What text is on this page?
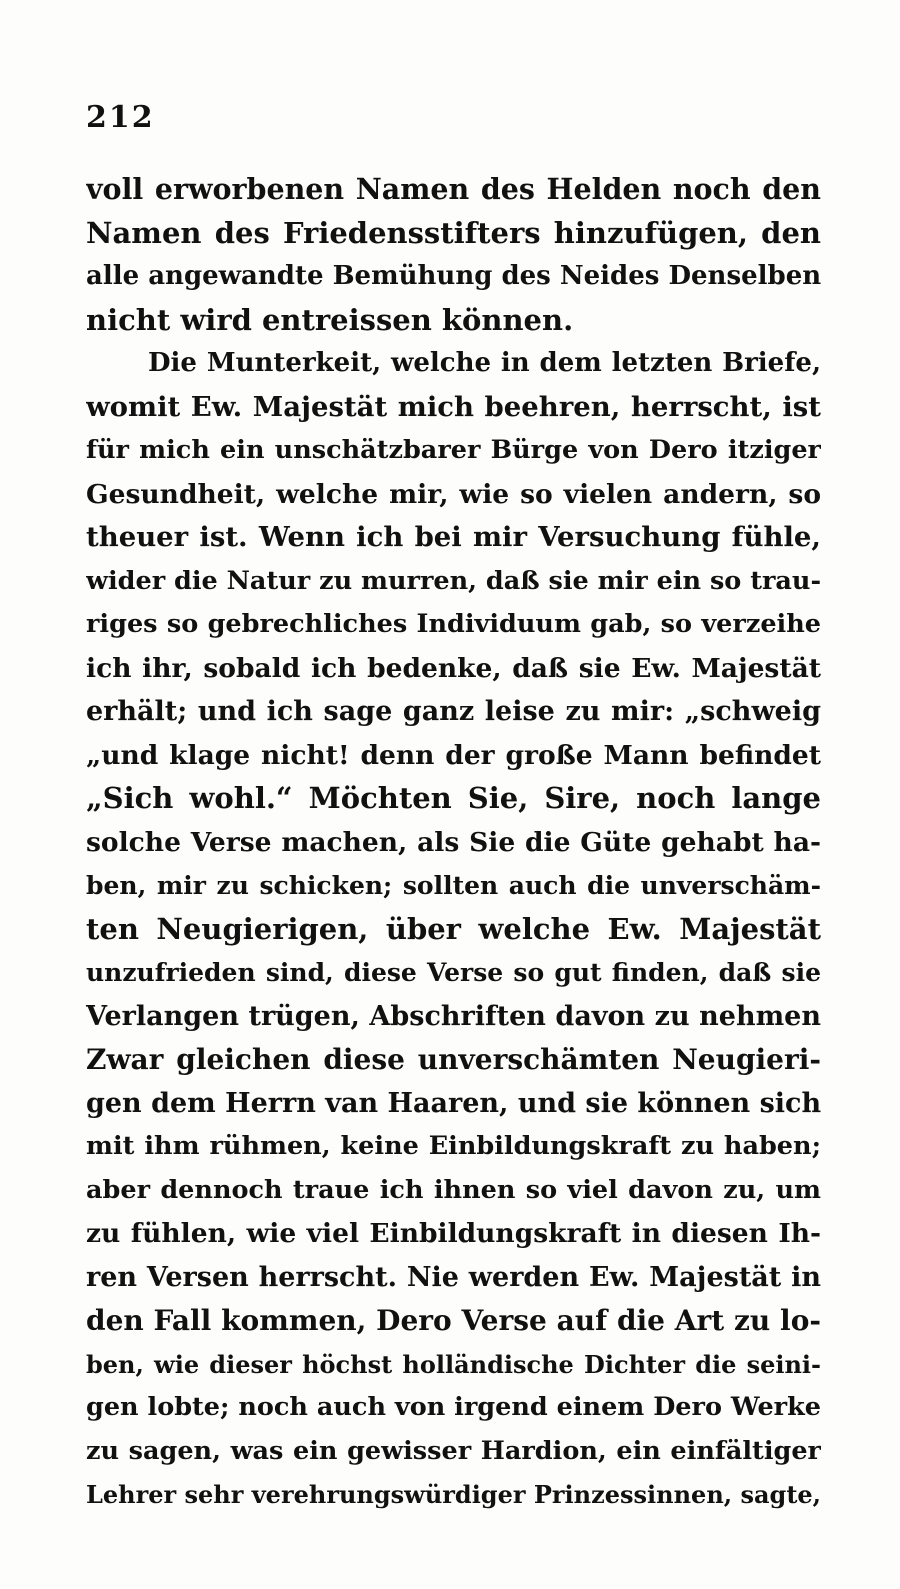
212
voll erworbenen Namen des Helden noch den
Namen des Friedensstifters hinzufügen, den
alle angewandte Bemühung des Neides Denselben
nicht wird entreissen können.
Die Munterkeit, welche in dem letzten Briefe,
womit Ew. Majestät mich beehren, herrscht, ist
für mich ein unschätzbarer Bürge von Dero itziger
Gesundheit, welche mir, wie so vielen andern, so
theuer ist. Wenn ich bei mir Versuchung fühle,
wider die Natur zu murren, daß sie mir ein so trau-
riges so gebrechliches Individuum gab, so verzeihe
ich ihr, sobald ich bedenke, daß sie Ew. Majestät
erhält; und ich sage ganz leise zu mir: „schweig
„und klage nicht! denn der große Mann befindet
„Sich wohl.“ Möchten Sie, Sire, noch lange
solche Verse machen, als Sie die Güte gehabt ha-
ben, mir zu schicken; sollten auch die unverschäm-
ten Neugierigen, über welche Ew. Majestät
unzufrieden sind, diese Verse so gut finden, daß sie
Verlangen trügen, Abschriften davon zu nehmen
Zwar gleichen diese unverschämten Neugieri-
gen dem Herrn van Haaren, und sie können sich
mit ihm rühmen, keine Einbildungskraft zu haben;
aber dennoch traue ich ihnen so viel davon zu, um
zu fühlen, wie viel Einbildungskraft in diesen Ih-
ren Versen herrscht. Nie werden Ew. Majestät in
den Fall kommen, Dero Verse auf die Art zu lo-
ben, wie dieser höchst holländische Dichter die seini-
gen lobte; noch auch von irgend einem Dero Werke
zu sagen, was ein gewisser Hardion, ein einfältiger
Lehrer sehr verehrungswürdiger Prinzessinnen, sagte,
